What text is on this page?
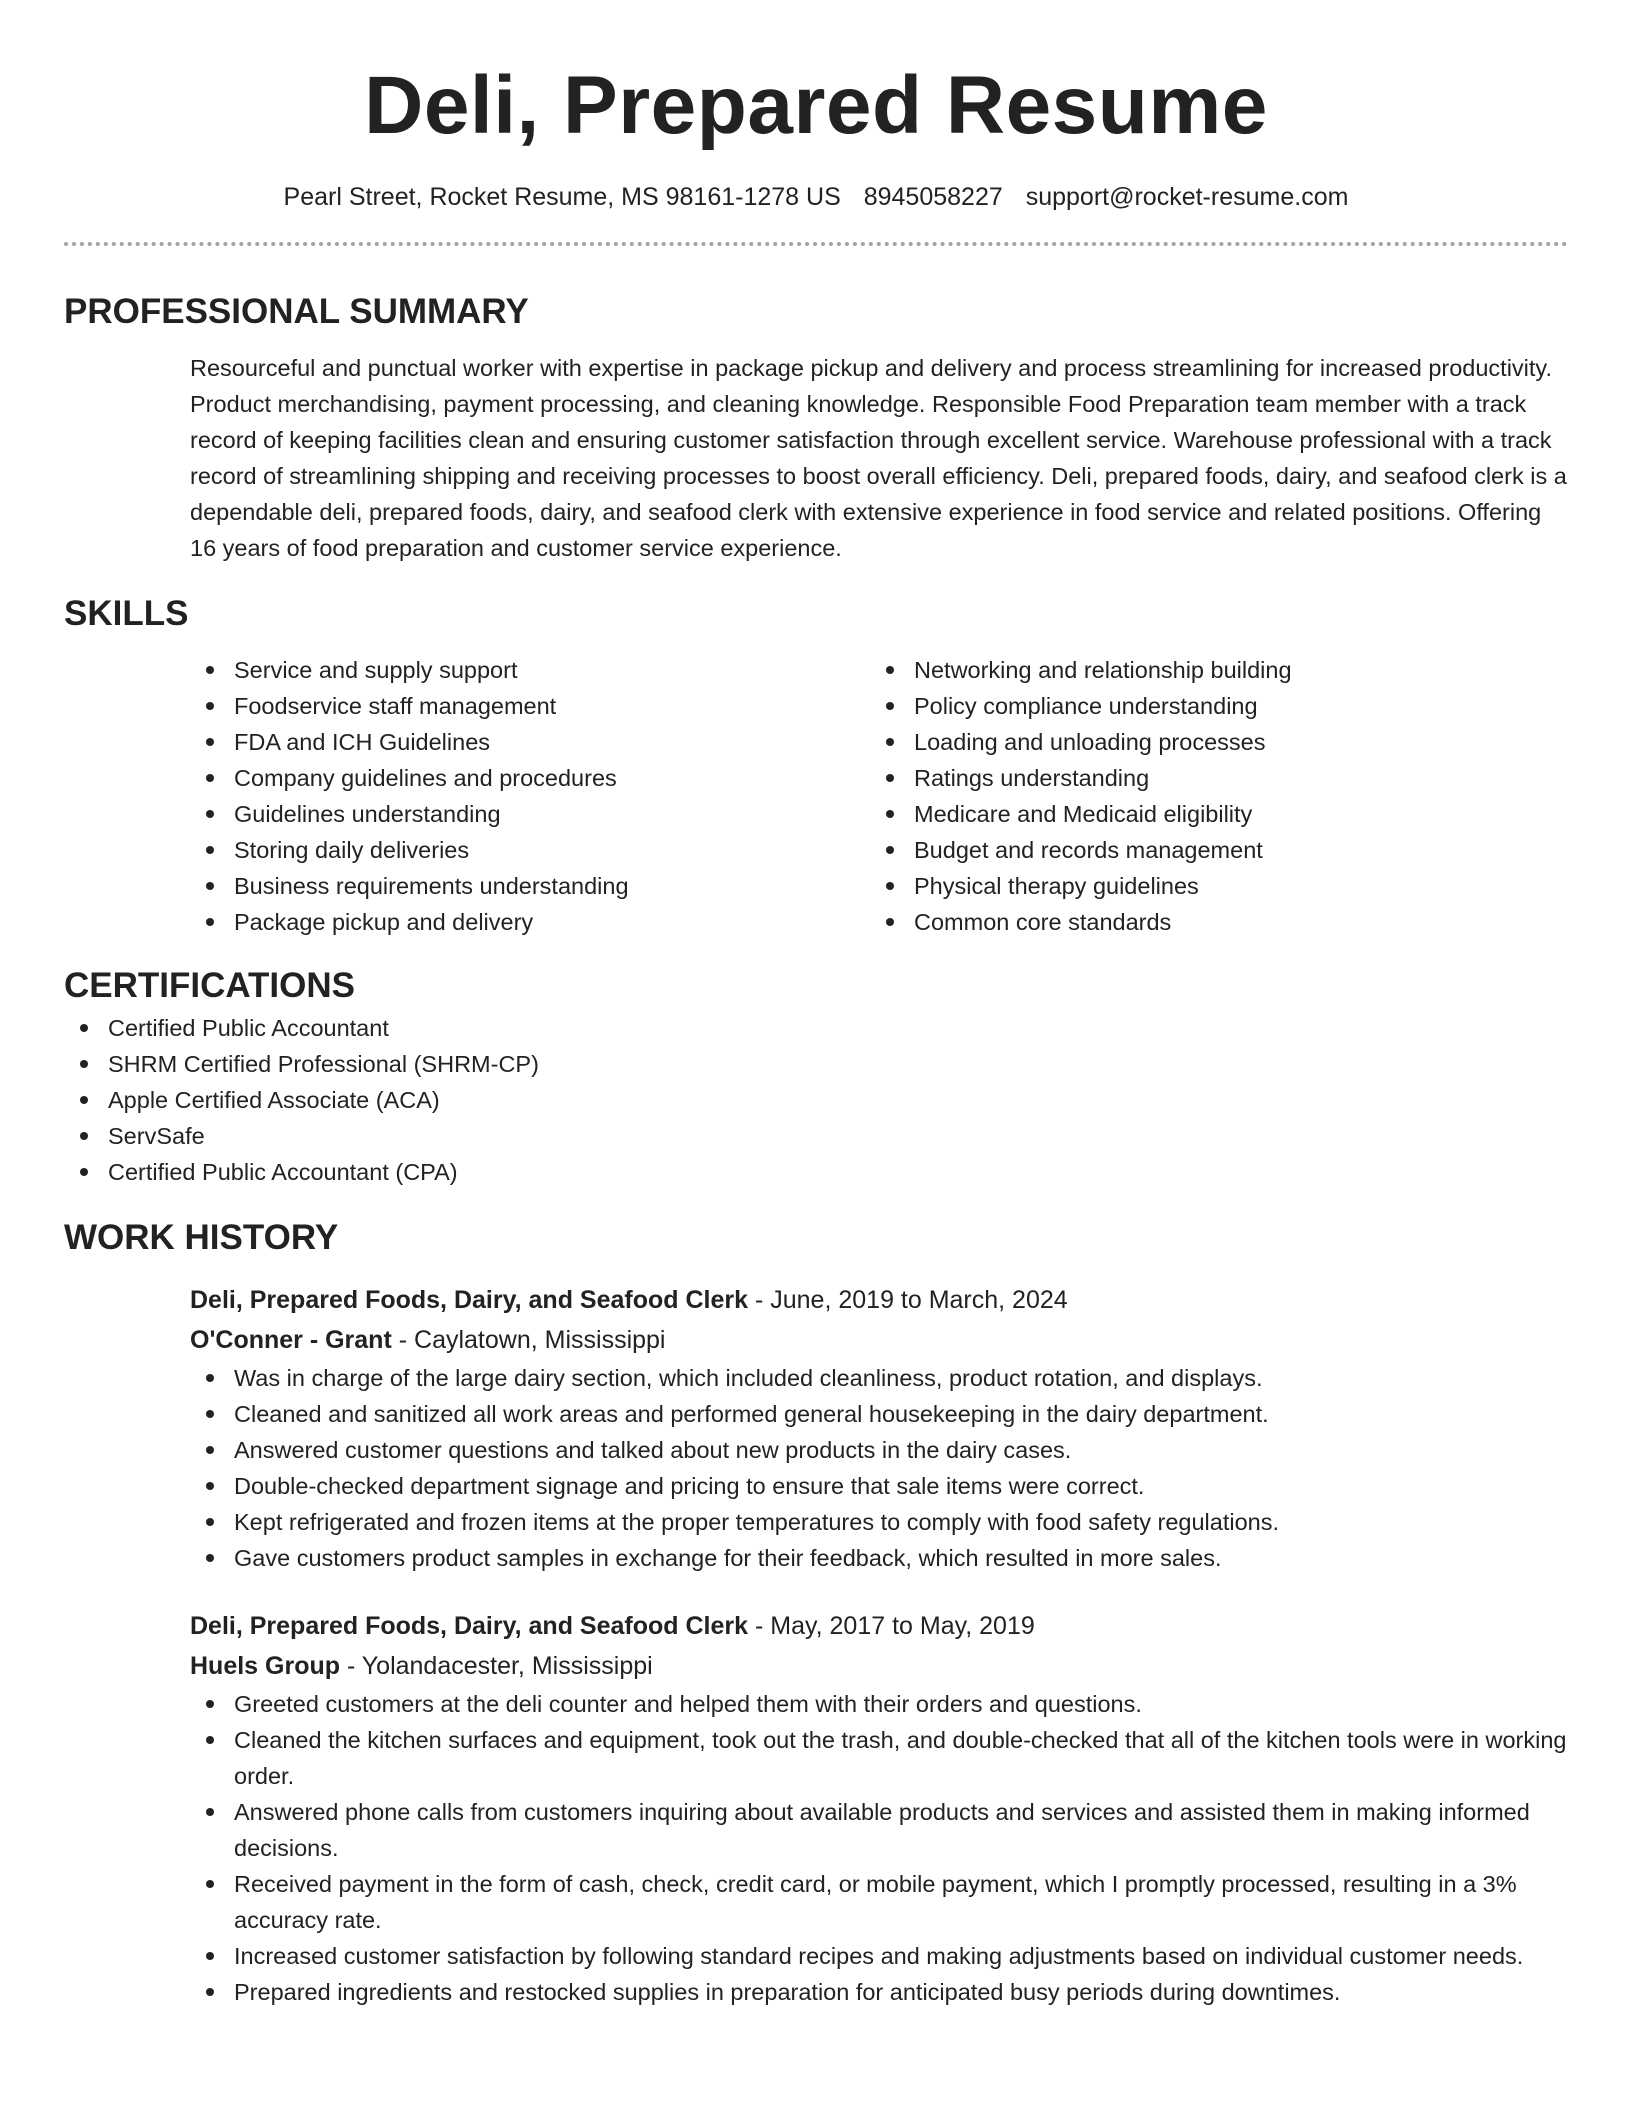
Deli, Prepared Resume
Pearl Street, Rocket Resume, MS 98161-1278 US 8945058227 support@rocket-resume.com
PROFESSIONAL SUMMARY

Resourceful and punctual worker with expertise in package pickup and delivery and process streamlining for increased productivity. Product merchandising, payment processing, and cleaning knowledge. Responsible Food Preparation team member with a track record of keeping facilities clean and ensuring customer satisfaction through excellent service. Warehouse professional with a track record of streamlining shipping and receiving processes to boost overall efficiency. Deli, prepared foods, dairy, and seafood clerk is a dependable deli, prepared foods, dairy, and seafood clerk with extensive experience in food service and related positions. Offering 16 years of food preparation and customer service experience.

SKILLS
Service and supply support
Foodservice staff management
FDA and ICH Guidelines
Company guidelines and procedures
Guidelines understanding
Storing daily deliveries
Business requirements understanding
Package pickup and delivery
Networking and relationship building
Policy compliance understanding
Loading and unloading processes
Ratings understanding
Medicare and Medicaid eligibility
Budget and records management
Physical therapy guidelines
Common core standards
CERTIFICATIONS
Certified Public Accountant
SHRM Certified Professional (SHRM-CP)
Apple Certified Associate (ACA)
ServSafe
Certified Public Accountant (CPA)
WORK HISTORY
Deli, Prepared Foods, Dairy, and Seafood Clerk - June, 2019 to March, 2024
O'Conner - Grant - Caylatown, Mississippi
Was in charge of the large dairy section, which included cleanliness, product rotation, and displays.
Cleaned and sanitized all work areas and performed general housekeeping in the dairy department.
Answered customer questions and talked about new products in the dairy cases.
Double-checked department signage and pricing to ensure that sale items were correct.
Kept refrigerated and frozen items at the proper temperatures to comply with food safety regulations.
Gave customers product samples in exchange for their feedback, which resulted in more sales.
Deli, Prepared Foods, Dairy, and Seafood Clerk - May, 2017 to May, 2019
Huels Group - Yolandacester, Mississippi
Greeted customers at the deli counter and helped them with their orders and questions.
Cleaned the kitchen surfaces and equipment, took out the trash, and double-checked that all of the kitchen tools were in working order.
Answered phone calls from customers inquiring about available products and services and assisted them in making informed decisions.
Received payment in the form of cash, check, credit card, or mobile payment, which I promptly processed, resulting in a 3% accuracy rate.
Increased customer satisfaction by following standard recipes and making adjustments based on individual customer needs.
Prepared ingredients and restocked supplies in preparation for anticipated busy periods during downtimes.
